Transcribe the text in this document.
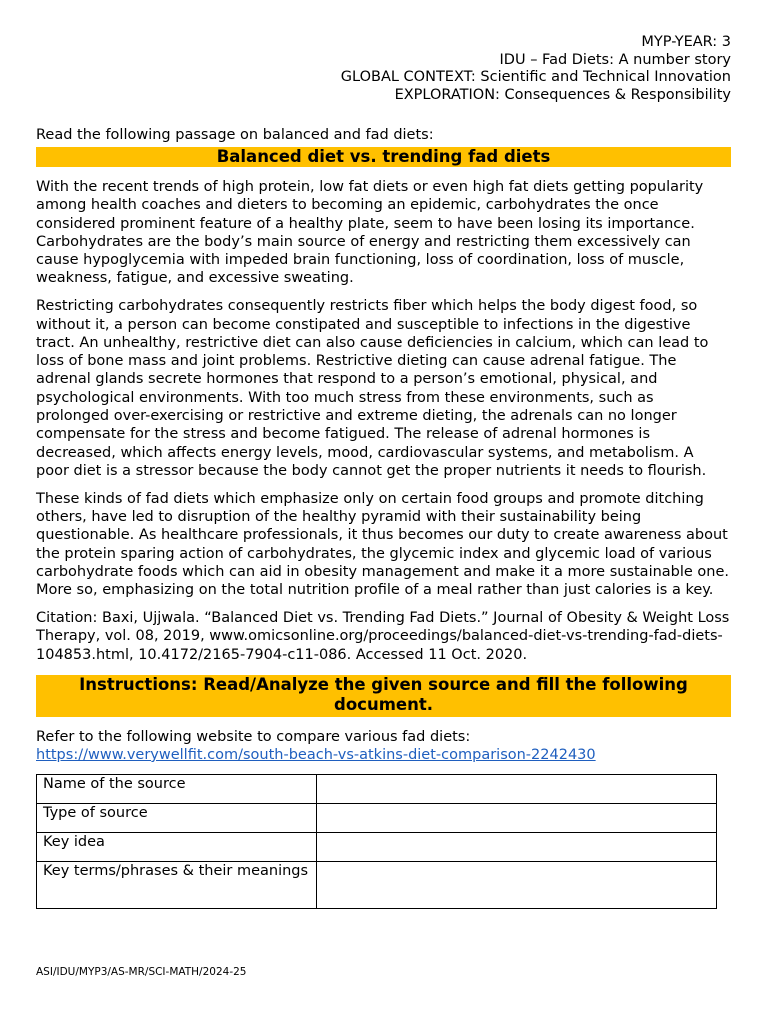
MYP-YEAR: 3
IDU – Fad Diets: A number story
GLOBAL CONTEXT: Scientific and Technical Innovation
EXPLORATION: Consequences & Responsibility
Read the following passage on balanced and fad diets:
Balanced diet vs. trending fad diets

With the recent trends of high protein, low fat diets or even high fat diets getting popularity among health coaches and dieters to becoming an epidemic, carbohydrates the once considered prominent feature of a healthy plate, seem to have been losing its importance. Carbohydrates are the body’s main source of energy and restricting them excessively can cause hypoglycemia with impeded brain functioning, loss of coordination, loss of muscle, weakness, fatigue, and excessive sweating.

Restricting carbohydrates consequently restricts fiber which helps the body digest food, so without it, a person can become constipated and susceptible to infections in the digestive tract. An unhealthy, restrictive diet can also cause deficiencies in calcium, which can lead to loss of bone mass and joint problems. Restrictive dieting can cause adrenal fatigue. The adrenal glands secrete hormones that respond to a person’s emotional, physical, and psychological environments. With too much stress from these environments, such as prolonged over-exercising or restrictive and extreme dieting, the adrenals can no longer compensate for the stress and become fatigued. The release of adrenal hormones is decreased, which affects energy levels, mood, cardiovascular systems, and metabolism. A poor diet is a stressor because the body cannot get the proper nutrients it needs to flourish.

These kinds of fad diets which emphasize only on certain food groups and promote ditching others, have led to disruption of the healthy pyramid with their sustainability being questionable. As healthcare professionals, it thus becomes our duty to create awareness about the protein sparing action of carbohydrates, the glycemic index and glycemic load of various carbohydrate foods which can aid in obesity management and make it a more sustainable one. More so, emphasizing on the total nutrition profile of a meal rather than just calories is a key.

Citation: Baxi, Ujjwala. “Balanced Diet vs. Trending Fad Diets.” Journal of Obesity & Weight Loss Therapy, vol. 08, 2019, www.omicsonline.org/proceedings/balanced-diet-vs-trending-fad-diets-104853.html, 10.4172/2165-7904-c11-086. Accessed 11 Oct. 2020.

Instructions: Read/Analyze the given source and fill the following document.
Refer to the following website to compare various fad diets:
https://www.verywellfit.com/south-beach-vs-atkins-diet-comparison-2242430
Name of the source	
Type of source	
Key idea	
Key terms/phrases & their meanings	
ASI/IDU/MYP3/AS-MR/SCI-MATH/2024-25
